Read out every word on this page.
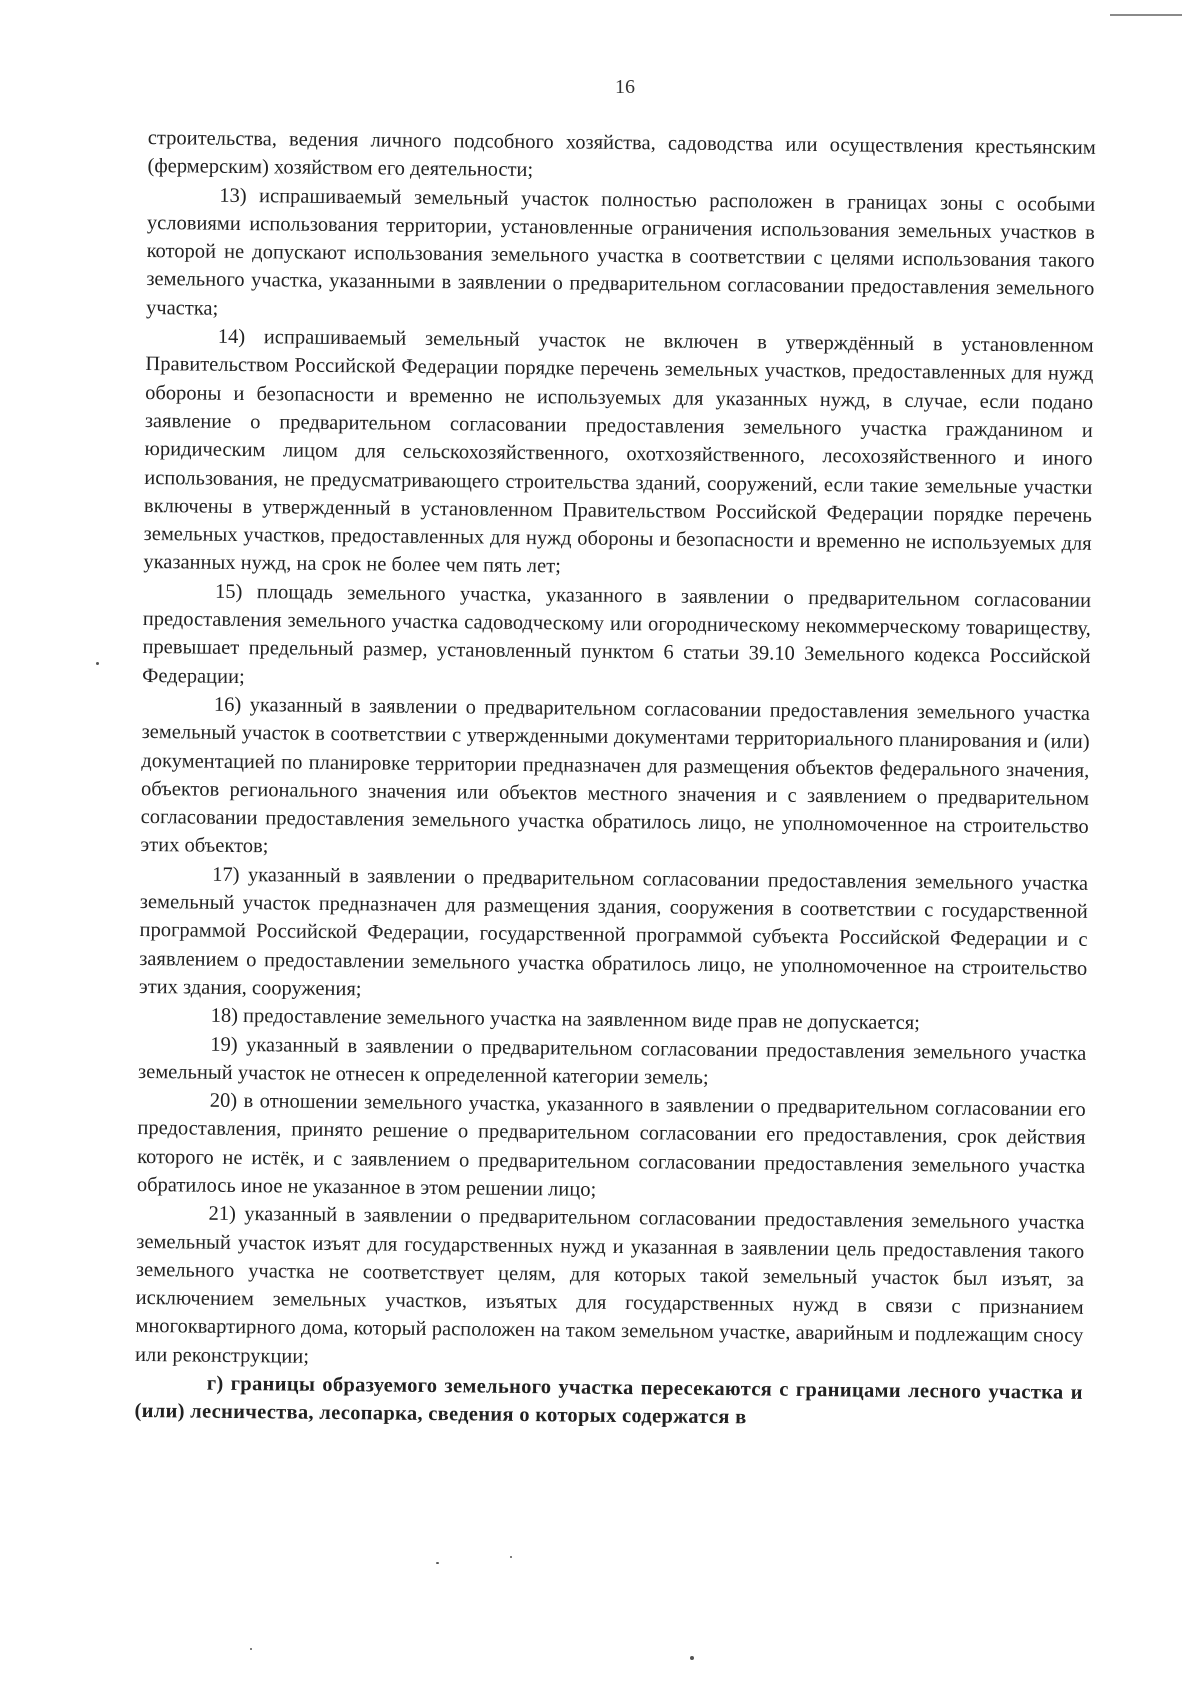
16

строительства, ведения личного подсобного хозяйства, садоводства или осуществления крестьянским (фермерским) хозяйством его деятельности;

13) испрашиваемый земельный участок полностью расположен в границах зоны с особыми условиями использования территории, установленные ограничения использования земельных участков в которой не допускают использования земельного участка в соответствии с целями использования такого земельного участка, указанными в заявлении о предварительном согласовании предоставления земельного участка;

14) испрашиваемый земельный участок не включен в утверждённый в установленном Правительством Российской Федерации порядке перечень земельных участков, предоставленных для нужд обороны и безопасности и временно не используемых для указанных нужд, в случае, если подано заявление о предварительном согласовании предоставления земельного участка гражданином и юридическим лицом для сельскохозяйственного, охотхозяйственного, лесохозяйственного и иного использования, не предусматривающего строительства зданий, сооружений, если такие земельные участки включены в утвержденный в установленном Правительством Российской Федерации порядке перечень земельных участков, предоставленных для нужд обороны и безопасности и временно не используемых для указанных нужд, на срок не более чем пять лет;

15) площадь земельного участка, указанного в заявлении о предварительном согласовании предоставления земельного участка садоводческому или огородническому некоммерческому товариществу, превышает предельный размер, установленный пунктом 6 статьи 39.10 Земельного кодекса Российской Федерации;

16) указанный в заявлении о предварительном согласовании предоставления земельного участка земельный участок в соответствии с утвержденными документами территориального планирования и (или) документацией по планировке территории предназначен для размещения объектов федерального значения, объектов регионального значения или объектов местного значения и с заявлением о предварительном согласовании предоставления земельного участка обратилось лицо, не уполномоченное на строительство этих объектов;

17) указанный в заявлении о предварительном согласовании предоставления земельного участка земельный участок предназначен для размещения здания, сооружения в соответствии с государственной программой Российской Федерации, государственной программой субъекта Российской Федерации и с заявлением о предоставлении земельного участка обратилось лицо, не уполномоченное на строительство этих здания, сооружения;

18) предоставление земельного участка на заявленном виде прав не допускается;

19) указанный в заявлении о предварительном согласовании предоставления земельного участка земельный участок не отнесен к определенной категории земель;

20) в отношении земельного участка, указанного в заявлении о предварительном согласовании его предоставления, принято решение о предварительном согласовании его предоставления, срок действия которого не истёк, и с заявлением о предварительном согласовании предоставления земельного участка обратилось иное не указанное в этом решении лицо;

21) указанный в заявлении о предварительном согласовании предоставления земельного участка земельный участок изъят для государственных нужд и указанная в заявлении цель предоставления такого земельного участка не соответствует целям, для которых такой земельный участок был изъят, за исключением земельных участков, изъятых для государственных нужд в связи с признанием многоквартирного дома, который расположен на таком земельном участке, аварийным и подлежащим сносу или реконструкции;

г) границы образуемого земельного участка пересекаются с границами лесного участка и (или) лесничества, лесопарка, сведения о которых содержатся в
